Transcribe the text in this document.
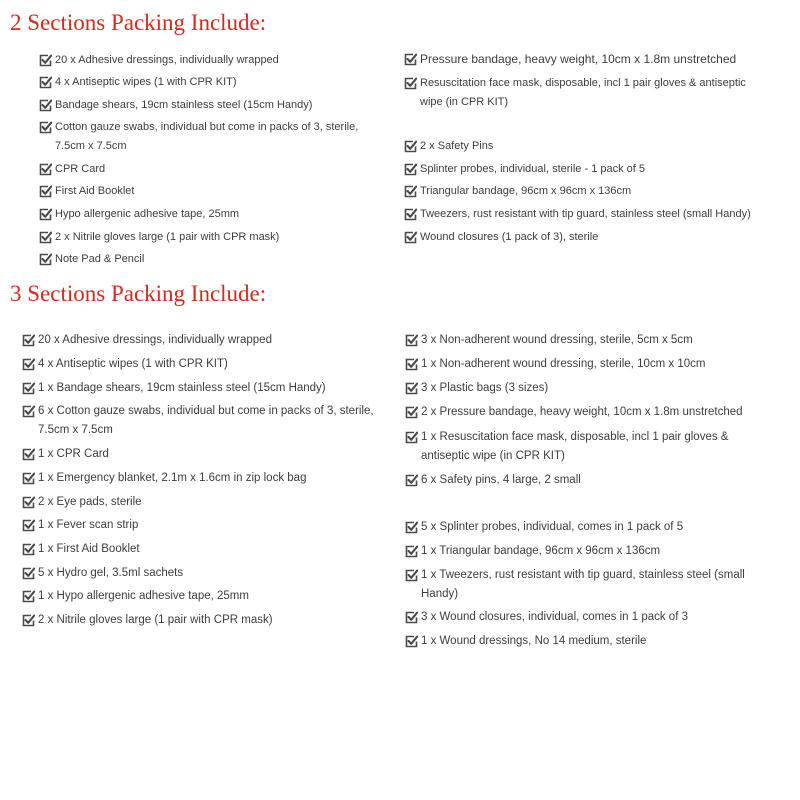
2 Sections Packing Include:
20 x Adhesive dressings, individually wrapped
4 x Antiseptic wipes (1 with CPR KIT)
Bandage shears, 19cm stainless steel (15cm Handy)
Cotton gauze swabs, individual but come in packs of 3, sterile, 7.5cm x 7.5cm
CPR Card
First Aid Booklet
Hypo allergenic adhesive tape, 25mm
2 x Nitrile gloves large (1 pair with CPR mask)
Note Pad & Pencil
Pressure bandage, heavy weight, 10cm x 1.8m unstretched
Resuscitation face mask, disposable, incl 1 pair gloves & antiseptic wipe (in CPR KIT)
2 x Safety Pins
Splinter probes, individual, sterile - 1 pack of 5
Triangular bandage, 96cm x 96cm x 136cm
Tweezers, rust resistant with tip guard, stainless steel (small Handy)
Wound closures (1 pack of 3), sterile
3 Sections Packing Include:
20 x Adhesive dressings, individually wrapped
4 x Antiseptic wipes (1 with CPR KIT)
1 x Bandage shears, 19cm stainless steel (15cm Handy)
6 x Cotton gauze swabs, individual but come in packs of 3, sterile, 7.5cm x 7.5cm
1 x CPR Card
1 x Emergency blanket, 2.1m x 1.6cm in zip lock bag
2 x Eye pads, sterile
1 x Fever scan strip
1 x First Aid Booklet
5 x Hydro gel, 3.5ml sachets
1 x Hypo allergenic adhesive tape, 25mm
2 x Nitrile gloves large (1 pair with CPR mask)
3 x Non-adherent wound dressing, sterile, 5cm x 5cm
1 x Non-adherent wound dressing, sterile, 10cm x 10cm
3 x Plastic bags (3 sizes)
2 x Pressure bandage, heavy weight, 10cm x 1.8m unstretched
1 x Resuscitation face mask, disposable, incl 1 pair gloves & antiseptic wipe (in CPR KIT)
6 x Safety pins, 4 large, 2 small
5 x Splinter probes, individual, comes in 1 pack of 5
1 x Triangular bandage, 96cm x 96cm x 136cm
1 x Tweezers, rust resistant with tip guard, stainless steel (small Handy)
3 x Wound closures, individual, comes in 1 pack of 3
1 x Wound dressings, No 14 medium, sterile
